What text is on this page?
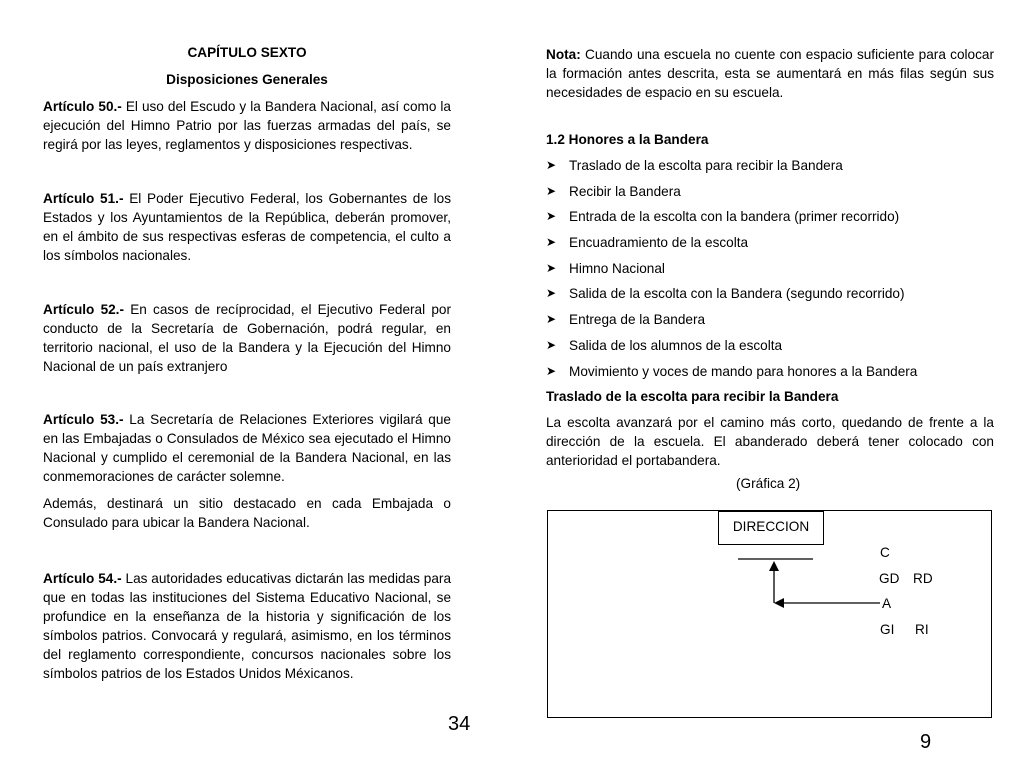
CAPÍTULO SEXTO

Disposiciones Generales

Artículo 50.- El uso del Escudo y la Bandera Nacional, así como la ejecución del Himno Patrio por las fuerzas armadas del país, se regirá por las leyes, reglamentos y disposiciones respectivas.

Artículo 51.- El Poder Ejecutivo Federal, los Gobernantes de los Estados y los Ayuntamientos de la República, deberán promover, en el ámbito de sus respectivas esferas de competencia, el culto a los símbolos nacionales.

Artículo 52.- En casos de recíprocidad, el Ejecutivo Federal por conducto de la Secretaría de Gobernación, podrá regular, en territorio nacional, el uso de la Bandera y la Ejecución del Himno Nacional de un país extranjero

Artículo 53.- La Secretaría de Relaciones Exteriores vigilará que en las Embajadas o Consulados de México sea ejecutado el Himno Nacional y cumplido el ceremonial de la Bandera Nacional, en las conmemoraciones de carácter solemne.

Además, destinará un sitio destacado en cada Embajada o Consulado para ubicar la Bandera Nacional.

Artículo 54.- Las autoridades educativas dictarán las medidas para que en todas las instituciones del Sistema Educativo Nacional, se profundice en la enseñanza de la historia y significación de los símbolos patrios. Convocará y regulará, asimismo, en los términos del reglamento correspondiente, concursos nacionales sobre los símbolos patrios de los Estados Unidos Méxicanos.

34

Nota: Cuando una escuela no cuente con espacio suficiente para colocar la formación antes descrita, esta se aumentará en más filas según sus necesidades de espacio en su escuela.

1.2 Honores a la Bandera

➤ Traslado de la escolta para recibir la Bandera
➤ Recibir la Bandera
➤ Entrada de la escolta con la bandera (primer recorrido)
➤ Encuadramiento de la escolta
➤ Himno Nacional
➤ Salida de la escolta con la Bandera (segundo recorrido)
➤ Entrega de la Bandera
➤ Salida de los alumnos de la escolta
➤ Movimiento y voces de mando para honores a la Bandera

Traslado de la escolta para recibir la Bandera

La escolta avanzará por el camino más corto, quedando de frente a la dirección de la escuela. El abanderado deberá tener colocado con anterioridad el portabandera.

(Gráfica 2)

DIRECCION
C
GD RD
A
GI RI
9
